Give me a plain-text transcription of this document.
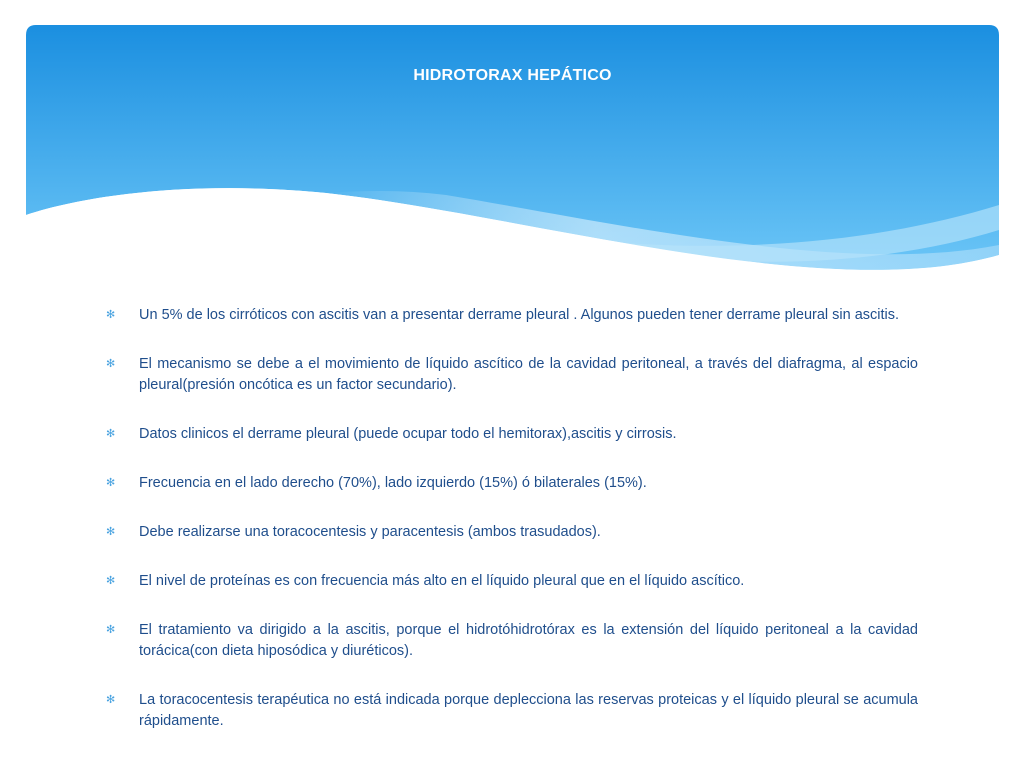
HIDROTORAX HEPÁTICO
✻ Un 5% de los cirróticos con ascitis van a presentar derrame pleural . Algunos pueden tener derrame pleural sin ascitis.
✻ El mecanismo se debe a el movimiento de líquido ascítico de la cavidad peritoneal, a través del diafragma, al espacio pleural(presión oncótica es un factor secundario).
✻ Datos clinicos el derrame pleural (puede ocupar todo el hemitorax),ascitis y cirrosis.
✻ Frecuencia en el lado derecho (70%), lado izquierdo (15%) ó bilaterales (15%).
✻ Debe realizarse una toracocentesis y paracentesis (ambos trasudados).
✻ El nivel de proteínas es con frecuencia más alto en el líquido pleural que en el líquido ascítico.
✻ El tratamiento va dirigido a la ascitis, porque el hidrotóhidrotórax es la extensión del líquido peritoneal a la cavidad torácica(con dieta hiposódica y diuréticos).
✻ La toracocentesis terapéutica no está indicada porque deplecciona las reservas proteicas y el líquido pleural se acumula rápidamente.
